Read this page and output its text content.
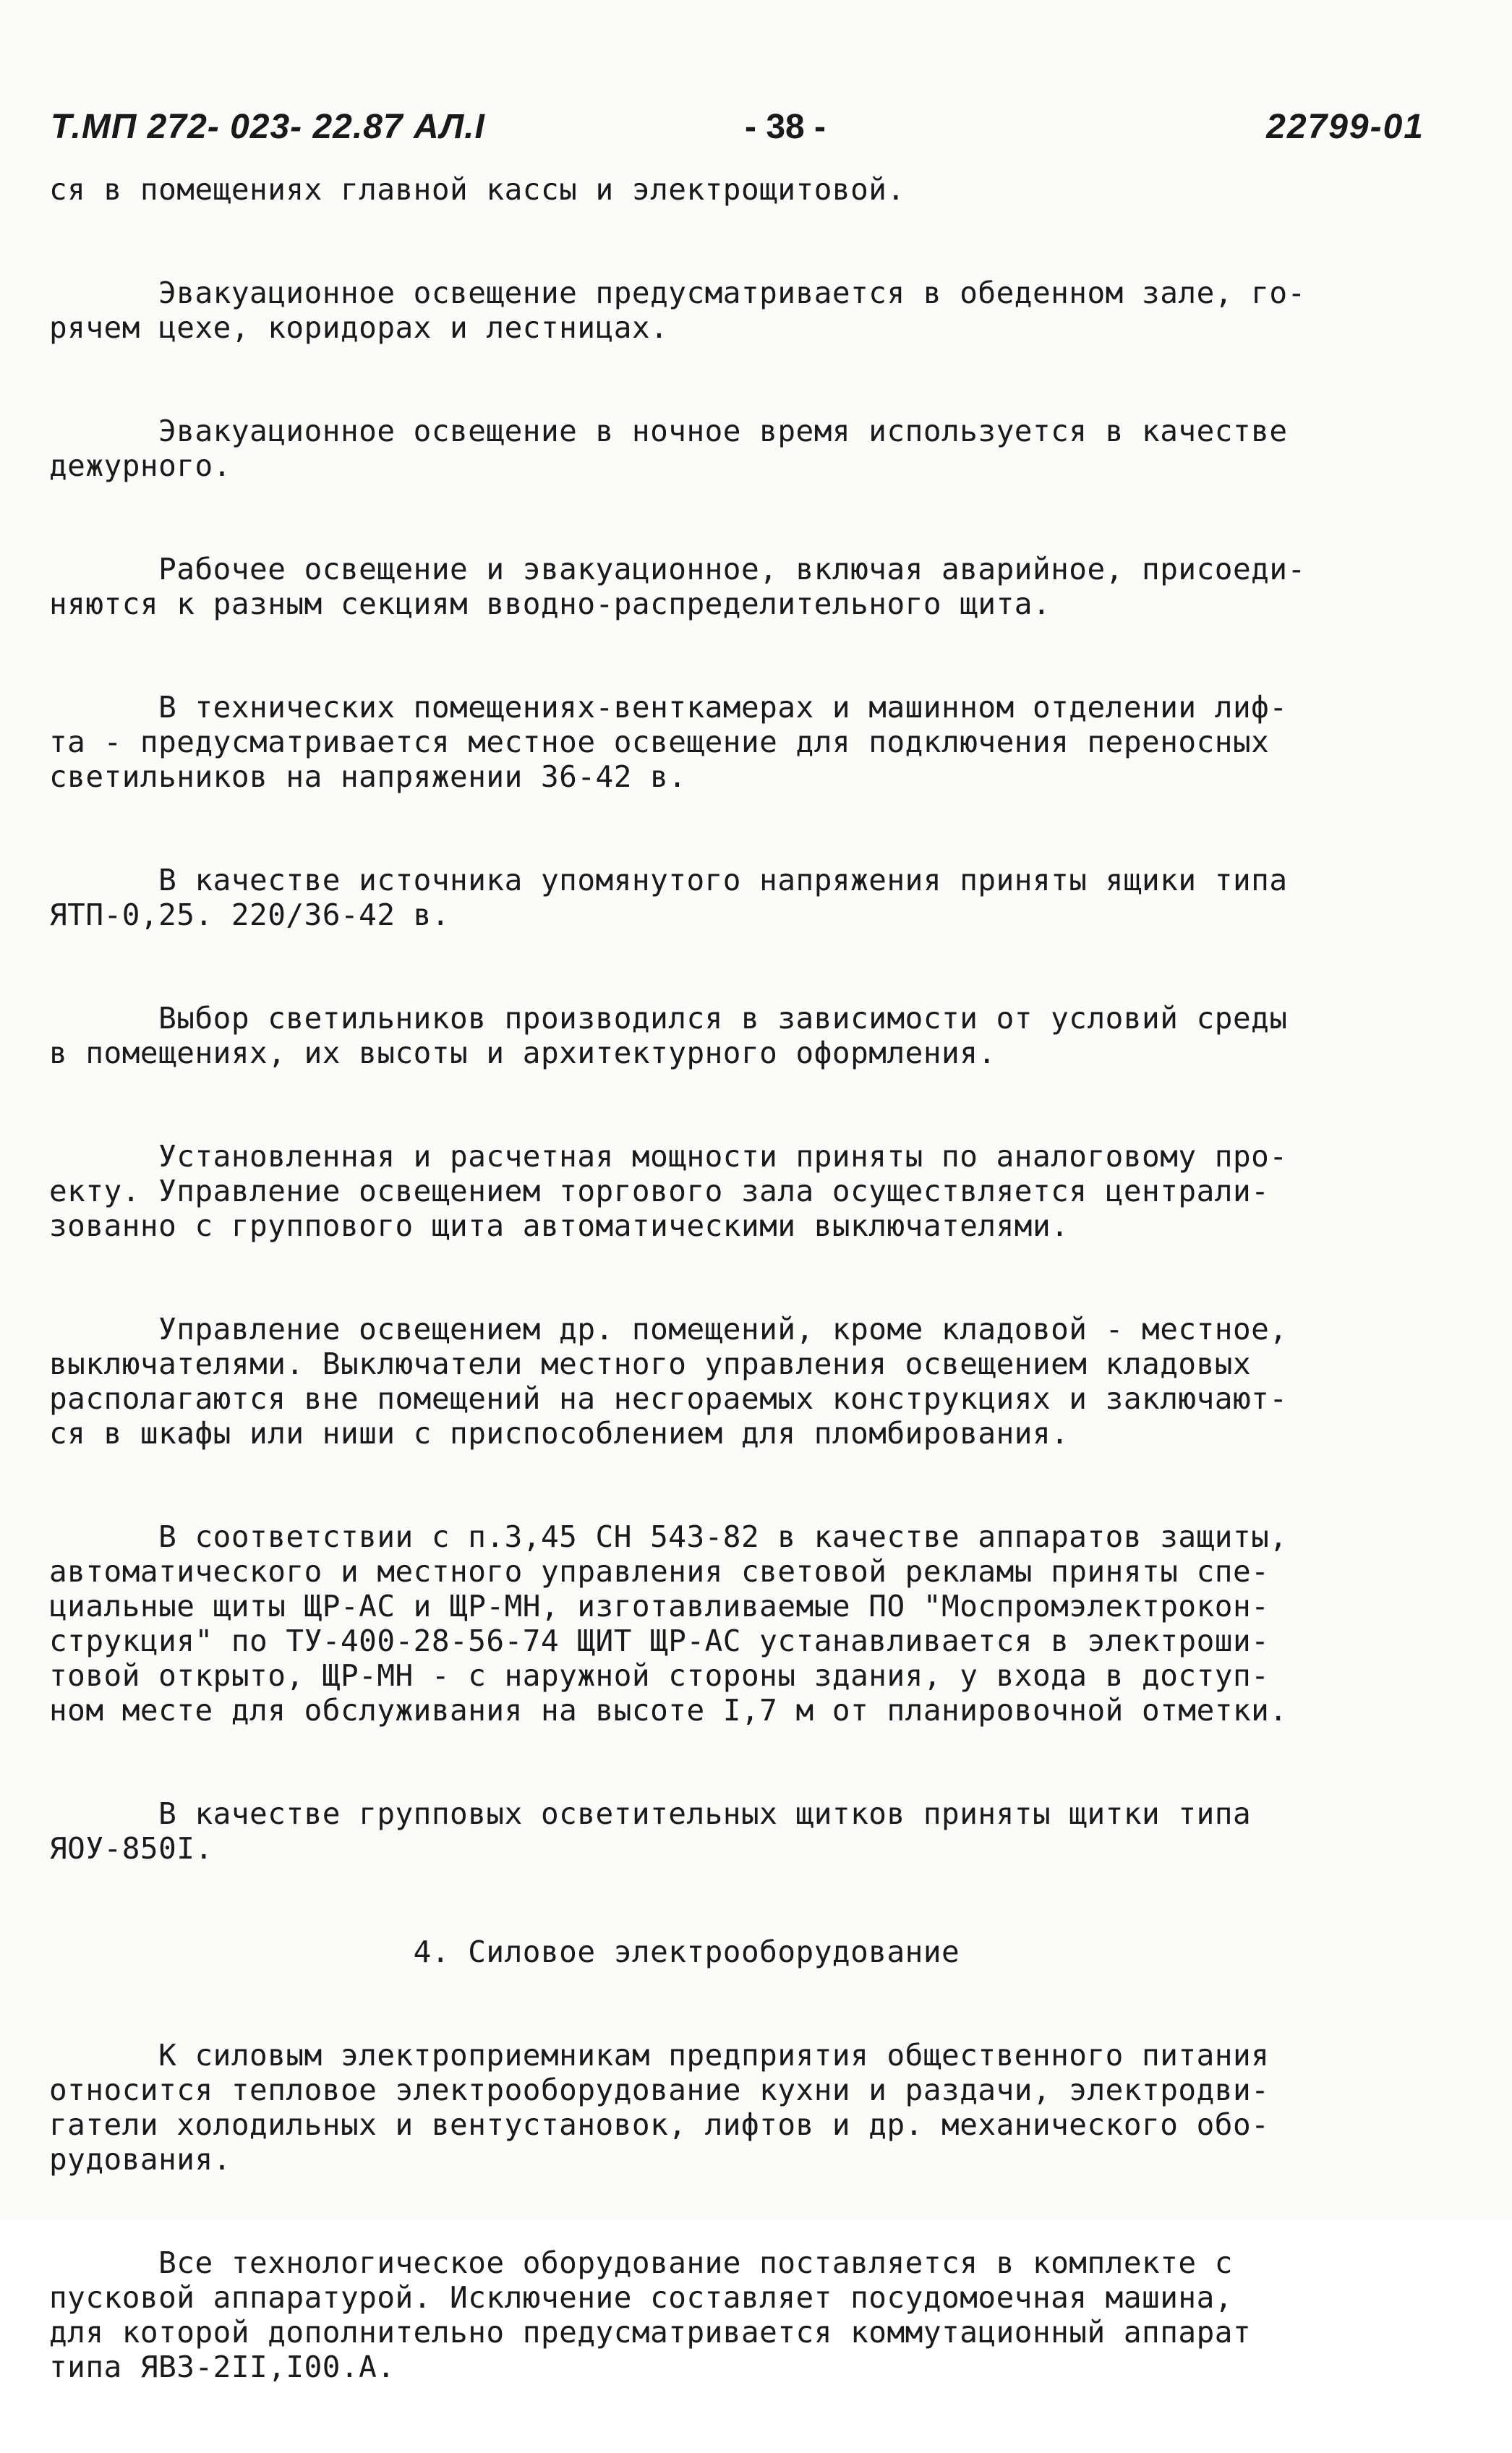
Т.МП 272- 023- 22.87 АЛ.I	- 38 -	22799-01
ся в помещениях главной кассы и электрощитовой.
Эвакуационное освещение предусматривается в обеденном зале, го-
рячем цехе, коридорах и лестницах.
Эвакуационное освещение в ночное время используется в качестве
дежурного.
Рабочее освещение и эвакуационное, включая аварийное, присоеди-
няются к разным секциям вводно-распределительного щита.
В технических помещениях-венткамерах и машинном отделении лиф-
та - предусматривается местное освещение для подключения переносных
светильников на напряжении 36-42 в.
В качестве источника упомянутого напряжения приняты ящики типа
ЯТП-0,25. 220/36-42 в.
Выбор светильников производился в зависимости от условий среды
в помещениях, их высоты и архитектурного оформления.
Установленная и расчетная мощности приняты по аналоговому про-
екту. Управление освещением торгового зала осуществляется централи-
зованно с группового щита автоматическими выключателями.
Управление освещением др. помещений, кроме кладовой - местное,
выключателями. Выключатели местного управления освещением кладовых
располагаются вне помещений на несгораемых конструкциях и заключают-
ся в шкафы или ниши с приспособлением для пломбирования.
В соответствии с п.3,45 СН 543-82 в качестве аппаратов защиты,
автоматического и местного управления световой рекламы приняты спе-
циальные щиты ЩР-АС и ЩР-МН, изготавливаемые ПО "Моспромэлектрокон-
струкция" по ТУ-400-28-56-74 ЩИТ ЩР-АС устанавливается в электроши-
товой открыто, ЩР-МН - с наружной стороны здания, у входа в доступ-
ном месте для обслуживания на высоте I,7 м от планировочной отметки.
В качестве групповых осветительных щитков приняты щитки типа
ЯОУ-850I.
4. Силовое электрооборудование
К силовым электроприемникам предприятия общественного питания
относится тепловое электрооборудование кухни и раздачи, электродви-
гатели холодильных и вентустановок, лифтов и др. механического обо-
рудования.
Все технологическое оборудование поставляется в комплекте с
пусковой аппаратурой. Исключение составляет посудомоечная машина,
для которой дополнительно предусматривается коммутационный аппарат
типа ЯВЗ-2II,I00.А.
